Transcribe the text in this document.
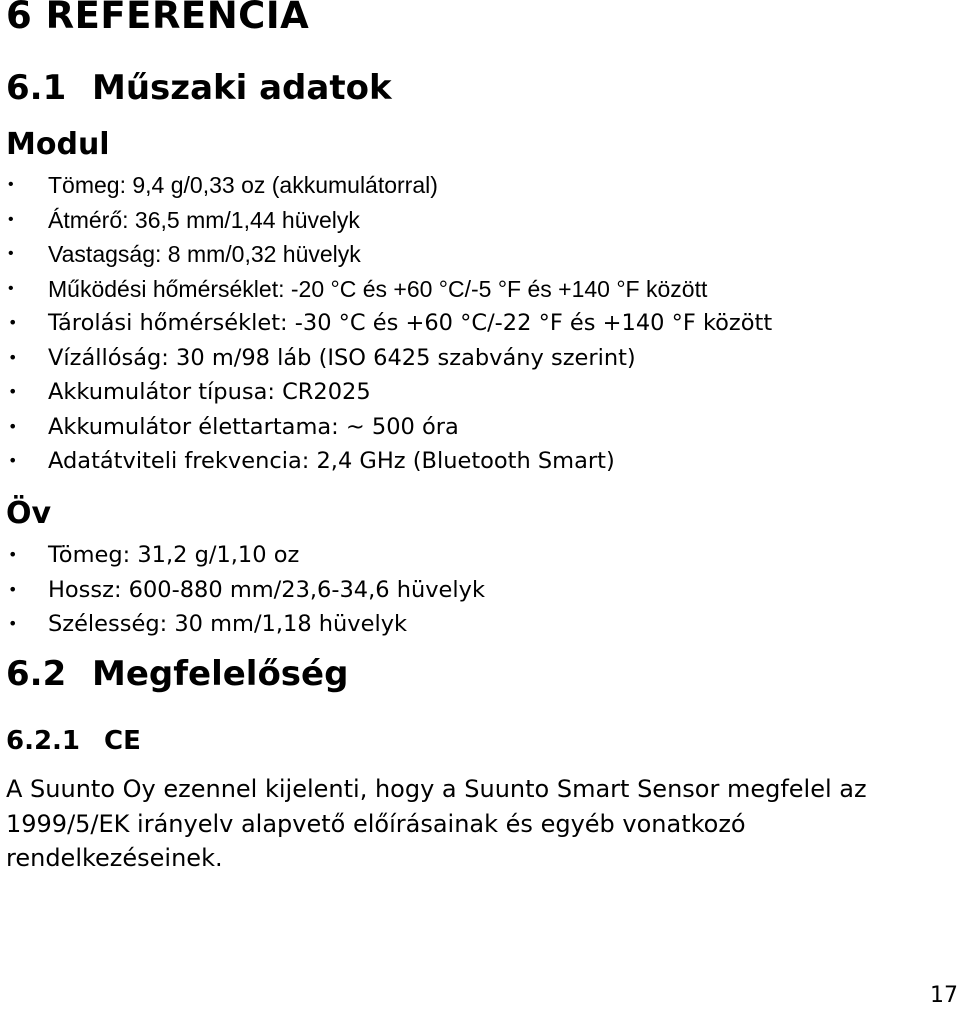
6 REFERENCIA
6.1 Műszaki adatok
Modul
• Tömeg: 9,4 g/0,33 oz (akkumulátorral)
• Átmérő: 36,5 mm/1,44 hüvelyk
• Vastagság: 8 mm/0,32 hüvelyk
• Működési hőmérséklet: -20 °C és +60 °C/-5 °F és +140 °F között
• Tárolási hőmérséklet: -30 °C és +60 °C/-22 °F és +140 °F között
• Vízállóság: 30 m/98 láb (ISO 6425 szabvány szerint)
• Akkumulátor típusa: CR2025
• Akkumulátor élettartama: ~ 500 óra
• Adatátviteli frekvencia: 2,4 GHz (Bluetooth Smart)
Öv
• Tömeg: 31,2 g/1,10 oz
• Hossz: 600-880 mm/23,6-34,6 hüvelyk
• Szélesség: 30 mm/1,18 hüvelyk
6.2 Megfelelőség
6.2.1 CE

A Suunto Oy ezennel kijelenti, hogy a Suunto Smart Sensor megfelel az 1999/5/EK irányelv alapvető előírásainak és egyéb vonatkozó rendelkezéseinek.

17
